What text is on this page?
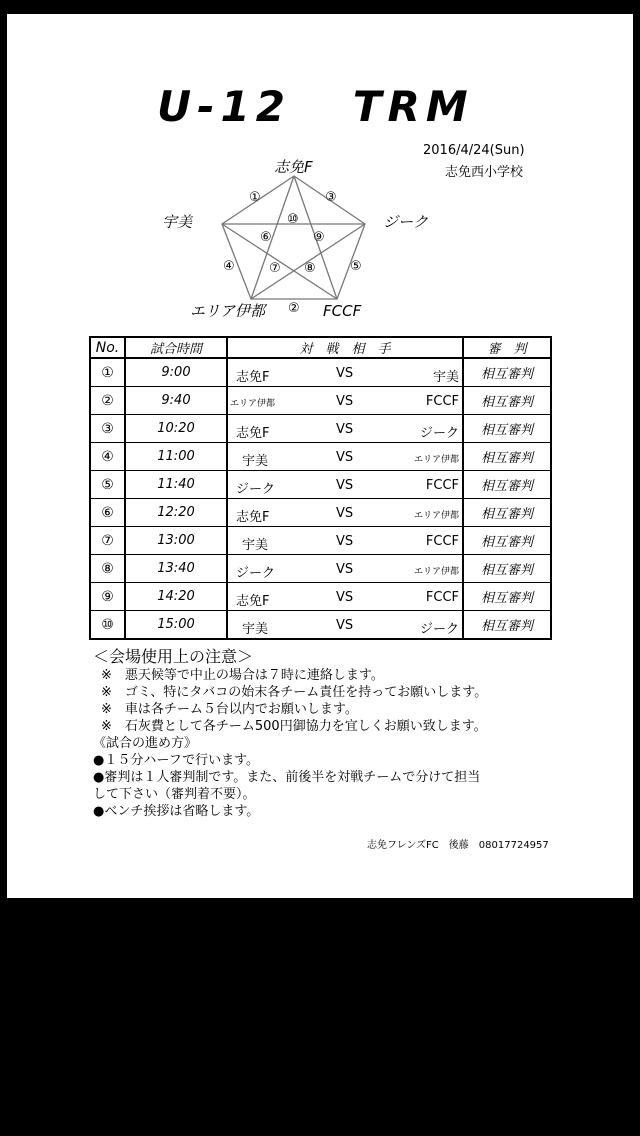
U-12   TRM
2016/4/24(Sun)
志免西小学校
志免F
宇美	ジーク
エリア伊都	FCCF
①
②
③
④	⑤
⑥
⑦ ⑧
⑨
⑩
No.	試合時間	対　戦　相　手	審　判
①	9:00	志免F VS 宇美	相互審判
②	9:40	エリア伊都 VS FCCF	相互審判
③	10:20	志免F VS ジーク	相互審判
④	11:00	宇美 VS エリア伊都	相互審判
⑤	11:40	ジーク VS FCCF	相互審判
⑥	12:20	志免F VS エリア伊都	相互審判
⑦	13:00	宇美 VS FCCF	相互審判
⑧	13:40	ジーク VS エリア伊都	相互審判
⑨	14:20	志免F VS FCCF	相互審判
⑩	15:00	宇美 VS ジーク	相互審判
＜会場使用上の注意＞
※　悪天候等で中止の場合は７時に連絡します。
※　ゴミ、特にタバコの始末各チーム責任を持ってお願いします。
※　車は各チーム５台以内でお願いします。
※　石灰費として各チーム500円御協力を宜しくお願い致します。
《試合の進め方》
●１５分ハーフで行います。
●審判は１人審判制です。また、前後半を対戦チームで分けて担当
して下さい（審判着不要）。
●ベンチ挨拶は省略します。
志免フレンズFC　後藤　08017724957
